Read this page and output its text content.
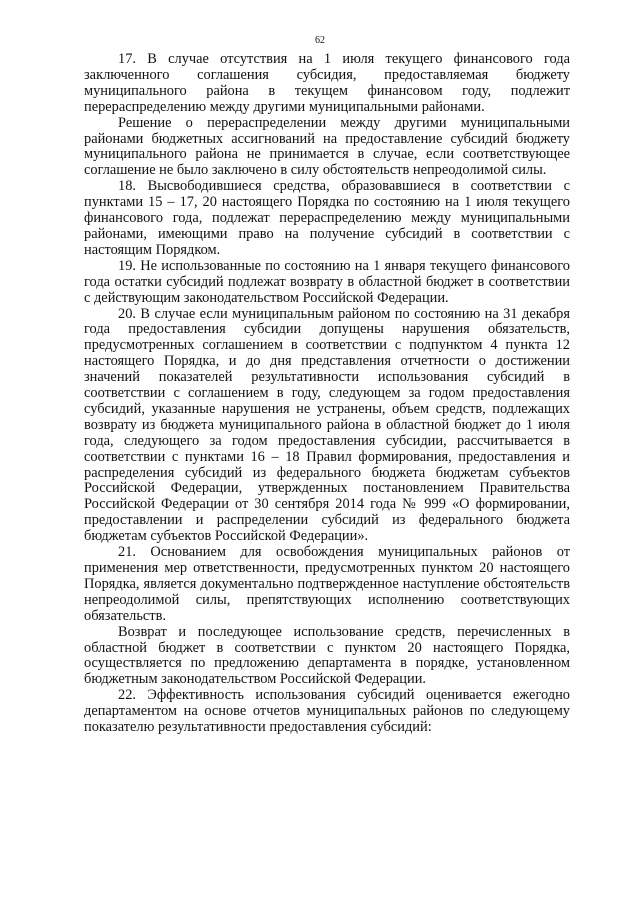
62

17. В случае отсутствия на 1 июля текущего финансового года заключенного соглашения субсидия, предоставляемая бюджету муниципального района в текущем финансовом году, подлежит перераспределению между другими муниципальными районами.

Решение о перераспределении между другими муниципальными районами бюджетных ассигнований на предоставление субсидий бюджету муниципального района не принимается в случае, если соответствующее соглашение не было заключено в силу обстоятельств непреодолимой силы.

18. Высвободившиеся средства, образовавшиеся в соответствии с пунктами 15 – 17, 20 настоящего Порядка по состоянию на 1 июля текущего финансового года, подлежат перераспределению между муниципальными районами, имеющими право на получение субсидий в соответствии с настоящим Порядком.

19. Не использованные по состоянию на 1 января текущего финансового года остатки субсидий подлежат возврату в областной бюджет в соответствии с действующим законодательством Российской Федерации.

20. В случае если муниципальным районом по состоянию на 31 декабря года предоставления субсидии допущены нарушения обязательств, предусмотренных соглашением в соответствии с подпунктом 4 пункта 12 настоящего Порядка, и до дня представления отчетности о достижении значений показателей результативности использования субсидий в соответствии с соглашением в году, следующем за годом предоставления субсидий, указанные нарушения не устранены, объем средств, подлежащих возврату из бюджета муниципального района в областной бюджет до 1 июля года, следующего за годом предоставления субсидии, рассчитывается в соответствии с пунктами 16 – 18 Правил формирования, предоставления и распределения субсидий из федерального бюджета бюджетам субъектов Российской Федерации, утвержденных постановлением Правительства Российской Федерации от 30 сентября 2014 года № 999 «О формировании, предоставлении и распределении субсидий из федерального бюджета бюджетам субъектов Российской Федерации».

21. Основанием для освобождения муниципальных районов от применения мер ответственности, предусмотренных пунктом 20 настоящего Порядка, является документально подтвержденное наступление обстоятельств непреодолимой силы, препятствующих исполнению соответствующих обязательств.

Возврат и последующее использование средств, перечисленных в областной бюджет в соответствии с пунктом 20 настоящего Порядка, осуществляется по предложению департамента в порядке, установленном бюджетным законодательством Российской Федерации.

22. Эффективность использования субсидий оценивается ежегодно департаментом на основе отчетов муниципальных районов по следующему показателю результативности предоставления субсидий:
